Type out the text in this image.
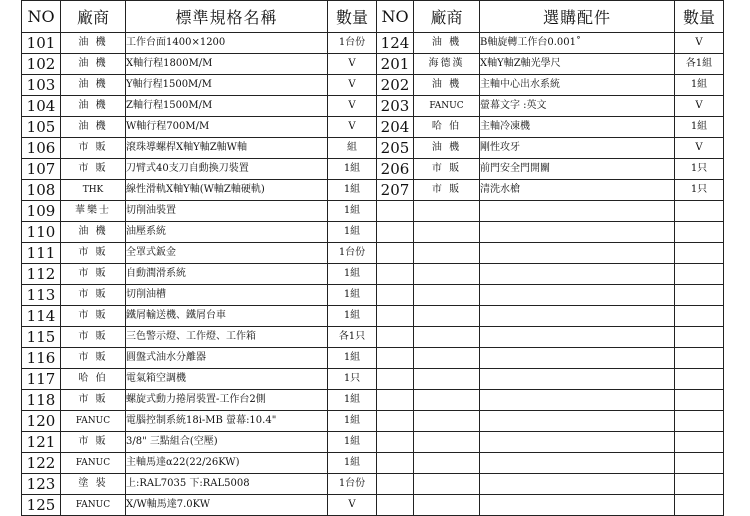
NO	廠商	標準規格名稱	數量
101	油 機	工作台面1400×1200	1台份
102	油 機	X軸行程1800M/M	V
103	油 機	Y軸行程1500M/M	V
104	油 機	Z軸行程1500M/M	V
105	油 機	W軸行程700M/M	V
106	市 販	滾珠導螺桿X軸Y軸Z軸W軸	組
107	市 販	刀臂式40支刀自動換刀裝置	1組
108	THK	線性滑軌X軸Y軸(W軸Z軸硬軌)	1組
109	華樂士	切削油裝置	1組
110	油 機	油壓系統	1組
111	市 販	全罩式鈑金	1台份
112	市 販	自動潤滑系統	1組
113	市 販	切削油槽	1組
114	市 販	鐵屑輸送機、鐵屑台車	1組
115	市 販	三色警示燈、工作燈、工作箱	各1只
116	市 販	圓盤式油水分離器	1組
117	哈 伯	電氣箱空調機	1只
118	市 販	螺旋式動力捲屑裝置-工作台2側	1組
120	FANUC	電腦控制系統18i-MB 螢幕:10.4"	1組
121	市 販	3/8" 三點組合(空壓)	1組
122	FANUC	主軸馬達α22(22/26KW)	1組
123	塗 裝	上:RAL7035 下:RAL5008	1台份
125	FANUC	X/W軸馬達7.0KW	V
NO	廠商	選購配件	數量
124	油 機	B軸旋轉工作台0.001˚	V
201	海德漢	X軸Y軸Z軸光學尺	各1組
202	油 機	主軸中心出水系統	1組
203	FANUC	螢幕文字 :英文	V
204	哈 伯	主軸冷凍機	1組
205	油 機	剛性攻牙	V
206	市 販	前門安全門開關	1只
207	市 販	清洗水槍	1只
